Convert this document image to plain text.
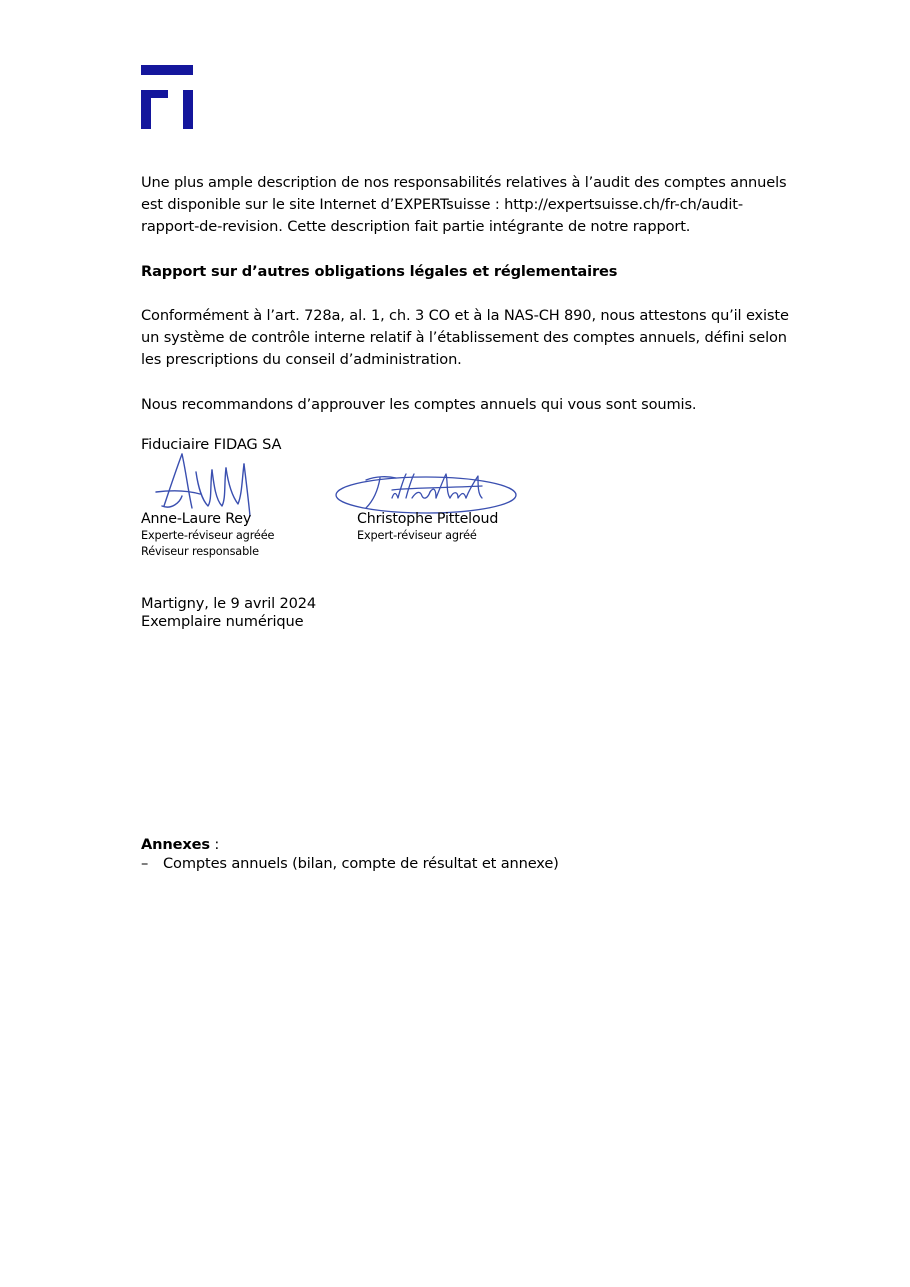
Une plus ample description de nos responsabilités relatives à l’audit des comptes annuels est disponible sur le site Internet d’EXPERTsuisse : http://expertsuisse.ch/fr-ch/audit-rapport-de-revision. Cette description fait partie intégrante de notre rapport.

Rapport sur d’autres obligations légales et réglementaires

Conformément à l’art. 728a, al. 1, ch. 3 CO et à la NAS-CH 890, nous attestons qu’il existe un système de contrôle interne relatif à l’établissement des comptes annuels, défini selon les prescriptions du conseil d’administration.

Nous recommandons d’approuver les comptes annuels qui vous sont soumis.

Fiduciaire FIDAG SA

Anne-Laure Rey
Experte-réviseur agréée
Réviseur responsable
Christophe Pitteloud
Expert-réviseur agréé
Martigny, le 9 avril 2024
Exemplaire numérique
Annexes :
–	Comptes annuels (bilan, compte de résultat et annexe)
